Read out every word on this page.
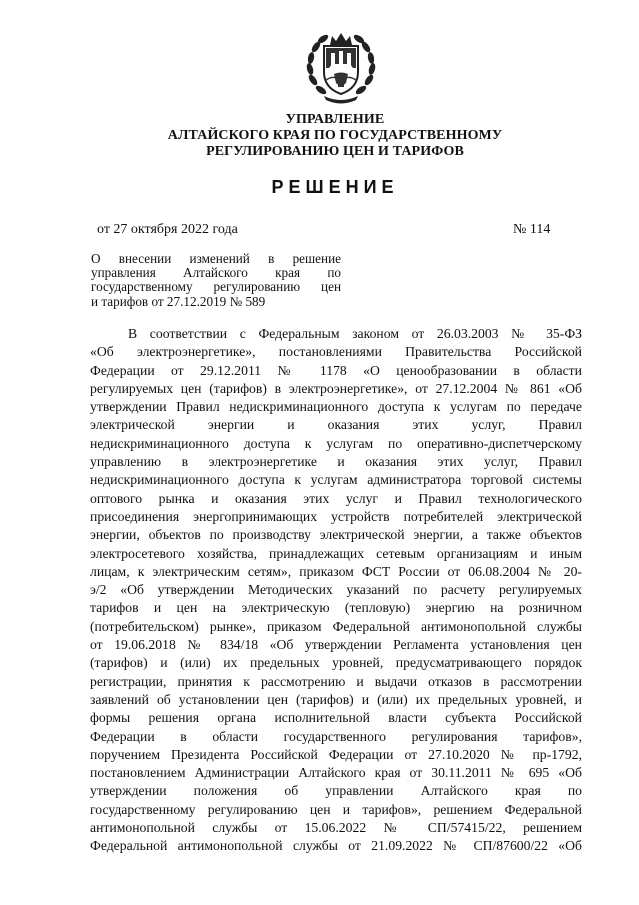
УПРАВЛЕНИЕ
АЛТАЙСКОГО КРАЯ ПО ГОСУДАРСТВЕННОМУ
РЕГУЛИРОВАНИЮ ЦЕН И ТАРИФОВ
РЕШЕНИЕ
от 27 октября 2022 года	№ 114
О внесении изменений в решение
управления Алтайского края по
государственному регулированию цен
и тарифов от 27.12.2019 № 589
В соответствии с Федеральным законом от 26.03.2003 № 35-ФЗ
«Об электроэнергетике», постановлениями Правительства Российской
Федерации от 29.12.2011 № 1178 «О ценообразовании в области
регулируемых цен (тарифов) в электроэнергетике», от 27.12.2004 № 861 «Об
утверждении Правил недискриминационного доступа к услугам по передаче
электрической энергии и оказания этих услуг, Правил
недискриминационного доступа к услугам по оперативно-диспетчерскому
управлению в электроэнергетике и оказания этих услуг, Правил
недискриминационного доступа к услугам администратора торговой системы
оптового рынка и оказания этих услуг и Правил технологического
присоединения энергопринимающих устройств потребителей электрической
энергии, объектов по производству электрической энергии, а также объектов
электросетевого хозяйства, принадлежащих сетевым организациям и иным
лицам, к электрическим сетям», приказом ФСТ России от 06.08.2004 № 20-
э/2 «Об утверждении Методических указаний по расчету регулируемых
тарифов и цен на электрическую (тепловую) энергию на розничном
(потребительском) рынке», приказом Федеральной антимонопольной службы
от 19.06.2018 № 834/18 «Об утверждении Регламента установления цен
(тарифов) и (или) их предельных уровней, предусматривающего порядок
регистрации, принятия к рассмотрению и выдачи отказов в рассмотрении
заявлений об установлении цен (тарифов) и (или) их предельных уровней, и
формы решения органа исполнительной власти субъекта Российской
Федерации в области государственного регулирования тарифов»,
поручением Президента Российской Федерации от 27.10.2020 № пр-1792,
постановлением Администрации Алтайского края от 30.11.2011 № 695 «Об
утверждении положения об управлении Алтайского края по
государственному регулированию цен и тарифов», решением Федеральной
антимонопольной службы от 15.06.2022 № СП/57415/22, решением
Федеральной антимонопольной службы от 21.09.2022 № СП/87600/22 «Об
